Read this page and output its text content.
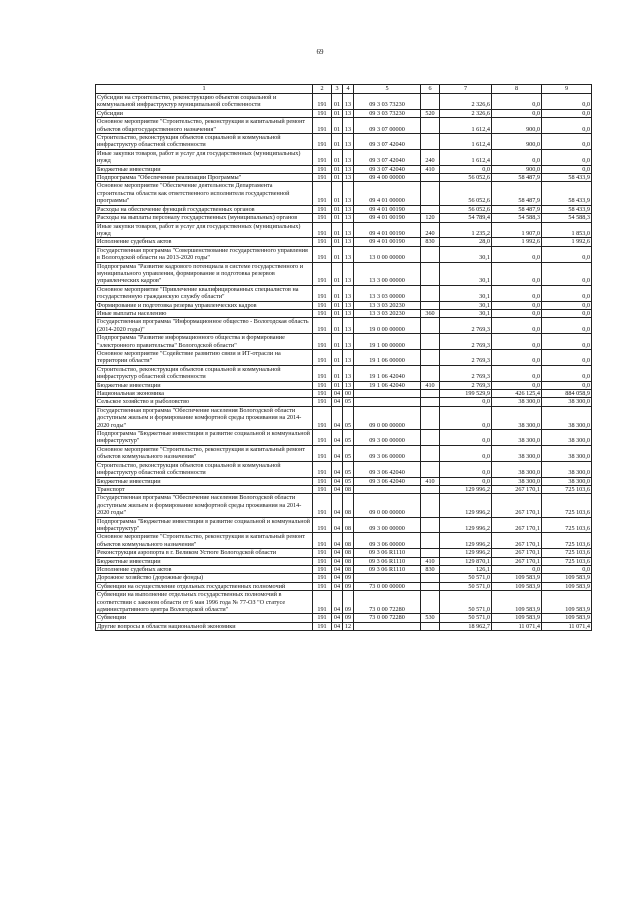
69
1	2	3	4	5	6	7	8	9
Субсидии на строительство, реконструкцию объектов социальной и коммунальной инфраструктур муниципальной собственности	191	01	13	09 3 03 73230		2 326,6	0,0	0,0
Субсидии	191	01	13	09 3 03 73230	520	2 326,6	0,0	0,0
Основное мероприятие "Строительство, реконструкция и капитальный ремонт объектов общегосударственного назначения"	191	01	13	09 3 07 00000		1 612,4	900,0	0,0
Строительство, реконструкция объектов социальной и коммунальной инфраструктур областной собственности	191	01	13	09 3 07 42040		1 612,4	900,0	0,0
Иные закупки товаров, работ и услуг для государственных (муниципальных) нужд	191	01	13	09 3 07 42040	240	1 612,4	0,0	0,0
Бюджетные инвестиции	191	01	13	09 3 07 42040	410	0,0	900,0	0,0
Подпрограмма "Обеспечение реализации Программы"	191	01	13	09 4 00 00000		56 052,6	58 487,9	58 433,9
Основное мероприятие "Обеспечение деятельности Департамента строительства области как ответственного исполнителя государственной программы"	191	01	13	09 4 01 00000		56 052,6	58 487,9	58 433,9
Расходы на обеспечение функций государственных органов	191	01	13	09 4 01 00190		56 052,6	58 487,9	58 433,9
Расходы на выплаты персоналу государственных (муниципальных) органов	191	01	13	09 4 01 00190	120	54 789,4	54 588,3	54 588,3
Иные закупки товаров, работ и услуг для государственных (муниципальных) нужд	191	01	13	09 4 01 00190	240	1 235,2	1 907,0	1 853,0
Исполнение судебных актов	191	01	13	09 4 01 00190	830	28,0	1 992,6	1 992,6
Государственная программа "Совершенствование государственного управления в Вологодской области на 2013-2020 годы"	191	01	13	13 0 00 00000		30,1	0,0	0,0
Подпрограмма "Развитие кадрового потенциала в системе государственного и муниципального управления, формирование и подготовка резервов управленческих кадров"	191	01	13	13 3 00 00000		30,1	0,0	0,0
Основное мероприятие "Привлечение квалифицированных специалистов на государственную гражданскую службу области"	191	01	13	13 3 03 00000		30,1	0,0	0,0
Формирование и подготовка резерва управленческих кадров	191	01	13	13 3 03 20230		30,1	0,0	0,0
Иные выплаты населению	191	01	13	13 3 03 20230	360	30,1	0,0	0,0
Государственная программа "Информационное общество - Вологодская область (2014-2020 годы)"	191	01	13	19 0 00 00000		2 769,3	0,0	0,0
Подпрограмма "Развитие информационного общества и формирование "электронного правительства" Вологодской области"	191	01	13	19 1 00 00000		2 769,3	0,0	0,0
Основное мероприятие "Содействие развитию связи и ИТ-отрасли на территории области"	191	01	13	19 1 06 00000		2 769,3	0,0	0,0
Строительство, реконструкция объектов социальной и коммунальной инфраструктур областной собственности	191	01	13	19 1 06 42040		2 769,3	0,0	0,0
Бюджетные инвестиции	191	01	13	19 1 06 42040	410	2 769,3	0,0	0,0
Национальная экономика	191	04	00			199 529,9	426 125,4	884 058,9
Сельское хозяйство и рыболовство	191	04	05			0,0	38 300,0	38 300,0
Государственная программа "Обеспечение населения Вологодской области доступным жильем и формирование комфортной среды проживания на 2014-2020 годы"	191	04	05	09 0 00 00000		0,0	38 300,0	38 300,0
Подпрограмма "Бюджетные инвестиции в развитие социальной и коммунальной инфраструктур"	191	04	05	09 3 00 00000		0,0	38 300,0	38 300,0
Основное мероприятие "Строительство, реконструкция и капитальный ремонт объектов коммунального назначения"	191	04	05	09 3 06 00000		0,0	38 300,0	38 300,0
Строительство, реконструкция объектов социальной и коммунальной инфраструктур областной собственности	191	04	05	09 3 06 42040		0,0	38 300,0	38 300,0
Бюджетные инвестиции	191	04	05	09 3 06 42040	410	0,0	38 300,0	38 300,0
Транспорт	191	04	08			129 996,2	267 170,1	725 103,6
Государственная программа "Обеспечение населения Вологодской области доступным жильем и формирование комфортной среды проживания на 2014-2020 годы"	191	04	08	09 0 00 00000		129 996,2	267 170,1	725 103,6
Подпрограмма "Бюджетные инвестиции в развитие социальной и коммунальной инфраструктур"	191	04	08	09 3 00 00000		129 996,2	267 170,1	725 103,6
Основное мероприятие "Строительство, реконструкция и капитальный ремонт объектов коммунального назначения"	191	04	08	09 3 06 00000		129 996,2	267 170,1	725 103,6
Реконструкция аэропорта в г. Великом Устюге Вологодской области	191	04	08	09 3 06 R1110		129 996,2	267 170,1	725 103,6
Бюджетные инвестиции	191	04	08	09 3 06 R1110	410	129 870,1	267 170,1	725 103,6
Исполнение судебных актов	191	04	08	09 3 06 R1110	830	126,1	0,0	0,0
Дорожное хозяйство (дорожные фонды)	191	04	09			50 571,0	109 583,9	109 583,9
Субвенции на осуществление отдельных государственных полномочий	191	04	09	73 0 00 00000		50 571,0	109 583,9	109 583,9
Субвенции на выполнение отдельных государственных полномочий в соответствии с законом области от 6 мая 1996 года № 77-ОЗ "О статусе административного центра Вологодской области"	191	04	09	73 0 00 72280		50 571,0	109 583,9	109 583,9
Субвенции	191	04	09	73 0 00 72280	530	50 571,0	109 583,9	109 583,9
Другие вопросы в области национальной экономики	191	04	12			18 962,7	11 071,4	11 071,4
